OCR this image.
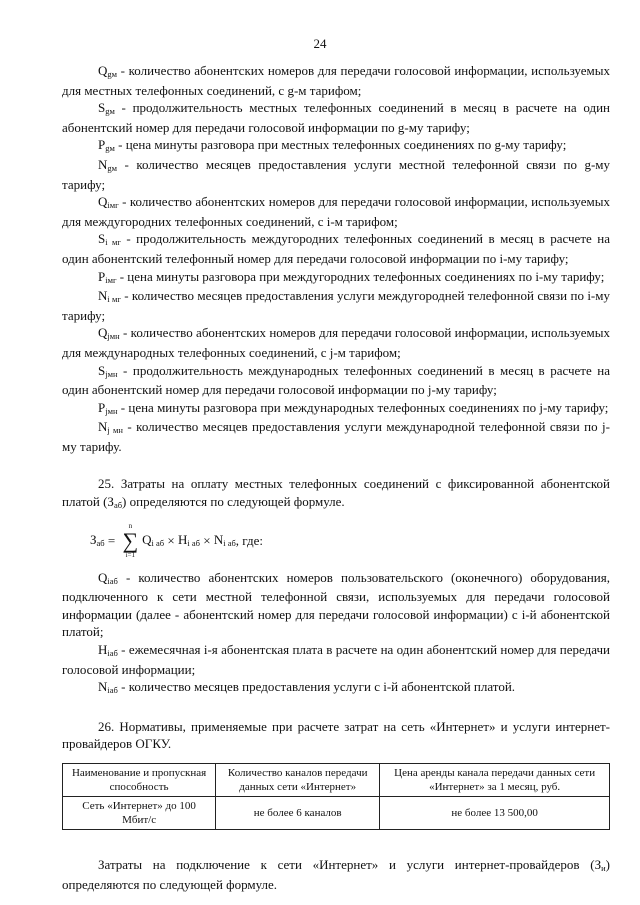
24

$Q_{gм}$ - количество абонентских номеров для передачи голосовой информации, используемых для местных телефонных соединений, с g-м тарифом;

$S_{gм}$ - продолжительность местных телефонных соединений в месяц в расчете на один абонентский номер для передачи голосовой информации по g-му тарифу;

$P_{gм}$ - цена минуты разговора при местных телефонных соединениях по g-му тарифу;

$N_{gм}$ - количество месяцев предоставления услуги местной телефонной связи по g-му тарифу;

$Q_{iмг}$ - количество абонентских номеров для передачи голосовой информации, используемых для междугородних телефонных соединений, с i-м тарифом;

$S_{i мг}$ - продолжительность междугородних телефонных соединений в месяц в расчете на один абонентский телефонный номер для передачи голосовой информации по i-му тарифу;

$P_{iмг}$ - цена минуты разговора при междугородних телефонных соединениях по i-му тарифу;

$N_{i мг}$ - количество месяцев предоставления услуги междугородней телефонной связи по i-му тарифу;

$Q_{jмн}$ - количество абонентских номеров для передачи голосовой информации, используемых для международных телефонных соединений, с j-м тарифом;

$S_{jмн}$ - продолжительность международных телефонных соединений в месяц в расчете на один абонентский номер для передачи голосовой информации по j-му тарифу;

$P_{jмн}$ - цена минуты разговора при международных телефонных соединениях по j-му тарифу;

$N_{j мн}$ - количество месяцев предоставления услуги международной телефонной связи по j-му тарифу.

25. Затраты на оплату местных телефонных соединений с фиксированной абонентской платой $(З_{аб})$ определяются по следующей формуле.

$З_{аб}$ =
n
∑
i=1
$Q_{i аб} \times H_{i аб} \times N_{i аб}$ , где:

$Q_{iаб}$ - количество абонентских номеров пользовательского (оконечного) оборудования, подключенного к сети местной телефонной связи, используемых для передачи голосовой информации (далее - абонентский номер для передачи голосовой информации) с i-й абонентской платой;

$H_{iаб}$ - ежемесячная i-я абонентская плата в расчете на один абонентский номер для передачи голосовой информации;

$N_{iаб}$ - количество месяцев предоставления услуги с i-й абонентской платой.

26. Нормативы, применяемые при расчете затрат на сеть «Интернет» и услуги интернет-провайдеров ОГКУ.

Наименование и пропускная способность	Количество каналов передачи данных сети «Интернет»	Цена аренды канала передачи данных сети «Интернет» за 1 месяц, руб.
Сеть «Интернет» до 100 Мбит/с	не более 6 каналов	не более 13 500,00

Затраты на подключение к сети «Интернет» и услуги интернет-провайдеров $(З_и)$ определяются по следующей формуле.
